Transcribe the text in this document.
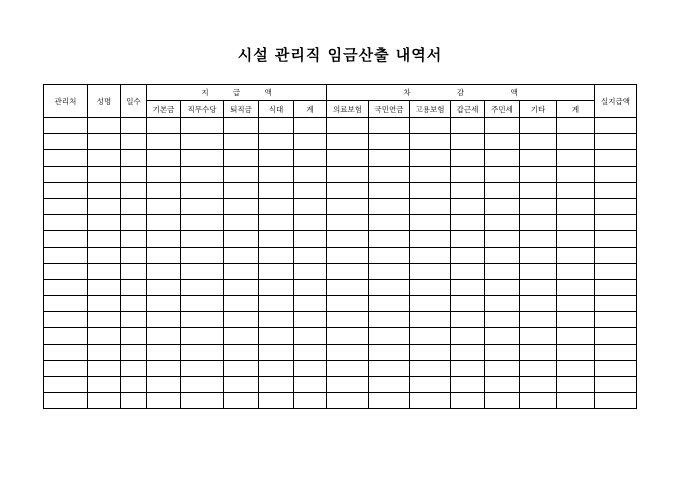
시설 관리직 임금산출 내역서
관리처	성명	일수	지 급 액					차 감 액							실지급액
			기본금	직무수당	퇴직금	식대	계	의료보험	국민연금	고용보험	갑근세	주민세	기타	계	
